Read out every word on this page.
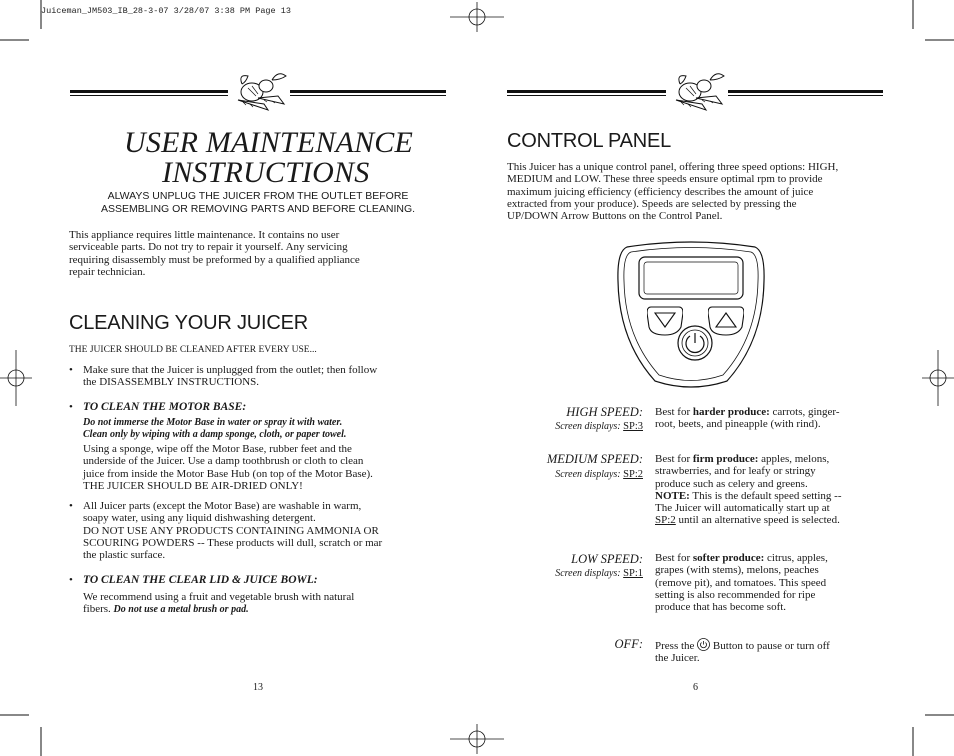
Juiceman_JM503_IB_28-3-07 3/28/07 3:38 PM Page 13
USER MAINTENANCE
INSTRUCTIONS
ALWAYS UNPLUG THE JUICER FROM THE OUTLET BEFORE
ASSEMBLING OR REMOVING PARTS AND BEFORE CLEANING.
This appliance requires little maintenance. It contains no user
serviceable parts. Do not try to repair it yourself. Any servicing
requiring disassembly must be preformed by a qualified appliance
repair technician.
CLEANING YOUR JUICER
THE JUICER SHOULD BE CLEANED AFTER EVERY USE...
• Make sure that the Juicer is unplugged from the outlet; then follow
the DISASSEMBLY INSTRUCTIONS.
• TO CLEAN THE MOTOR BASE:
Do not immerse the Motor Base in water or spray it with water.
Clean only by wiping with a damp sponge, cloth, or paper towel.
Using a sponge, wipe off the Motor Base, rubber feet and the
underside of the Juicer. Use a damp toothbrush or cloth to clean
juice from inside the Motor Base Hub (on top of the Motor Base).
THE JUICER SHOULD BE AIR-DRIED ONLY!
• All Juicer parts (except the Motor Base) are washable in warm,
soapy water, using any liquid dishwashing detergent.
DO NOT USE ANY PRODUCTS CONTAINING AMMONIA OR
SCOURING POWDERS -- These products will dull, scratch or mar
the plastic surface.
• TO CLEAN THE CLEAR LID & JUICE BOWL:
We recommend using a fruit and vegetable brush with natural
fibers. Do not use a metal brush or pad.
13
CONTROL PANEL
This Juicer has a unique control panel, offering three speed options: HIGH,
MEDIUM and LOW. These three speeds ensure optimal rpm to provide
maximum juicing efficiency (efficiency describes the amount of juice
extracted from your produce). Speeds are selected by pressing the
UP/DOWN Arrow Buttons on the Control Panel.
HIGH SPEED:
Screen displays: SP:3
Best for harder produce: carrots, ginger-
root, beets, and pineapple (with rind).
MEDIUM SPEED:
Screen displays: SP:2
Best for firm produce: apples, melons,
strawberries, and for leafy or stringy
produce such as celery and greens.
NOTE: This is the default speed setting --
The Juicer will automatically start up at
SP:2 until an alternative speed is selected.
LOW SPEED:
Screen displays: SP:1
Best for softer produce: citrus, apples,
grapes (with stems), melons, peaches
(remove pit), and tomatoes. This speed
setting is also recommended for ripe
produce that has become soft.
OFF: Press the Button to pause or turn off
the Juicer.
6
